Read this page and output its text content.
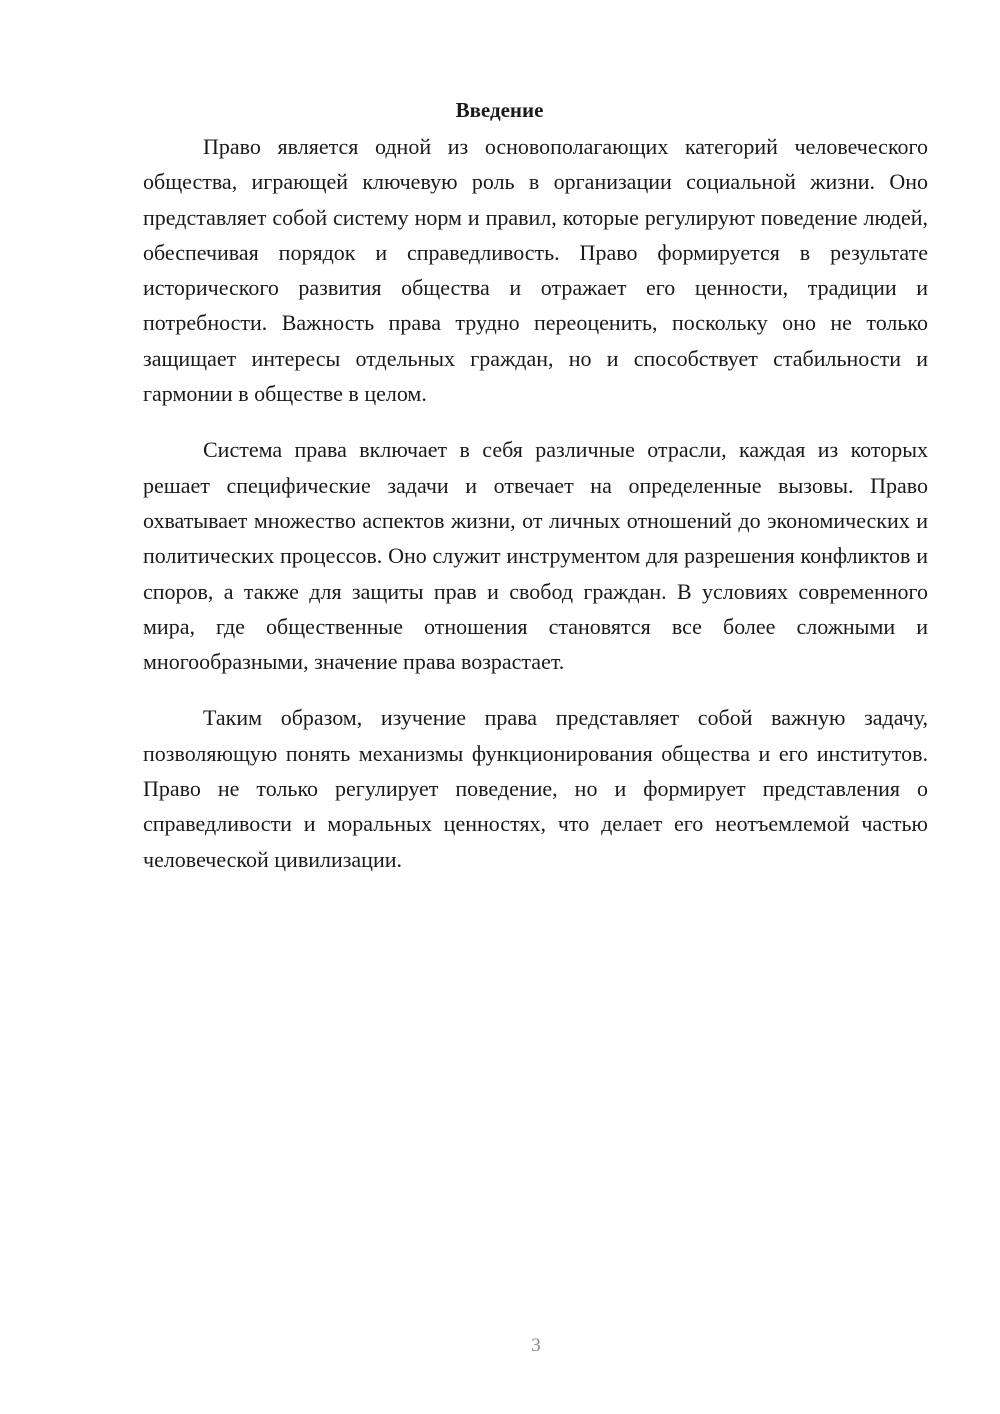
Введение

Право является одной из основополагающих категорий человеческого общества, играющей ключевую роль в организации социальной жизни. Оно представляет собой систему норм и правил, которые регулируют поведение людей, обеспечивая порядок и справедливость. Право формируется в результате исторического развития общества и отражает его ценности, традиции и потребности. Важность права трудно переоценить, поскольку оно не только защищает интересы отдельных граждан, но и способствует стабильности и гармонии в обществе в целом.

Система права включает в себя различные отрасли, каждая из которых решает специфические задачи и отвечает на определенные вызовы. Право охватывает множество аспектов жизни, от личных отношений до экономических и политических процессов. Оно служит инструментом для разрешения конфликтов и споров, а также для защиты прав и свобод граждан. В условиях современного мира, где общественные отношения становятся все более сложными и многообразными, значение права возрастает.

Таким образом, изучение права представляет собой важную задачу, позволяющую понять механизмы функционирования общества и его институтов. Право не только регулирует поведение, но и формирует представления о справедливости и моральных ценностях, что делает его неотъемлемой частью человеческой цивилизации.

3
